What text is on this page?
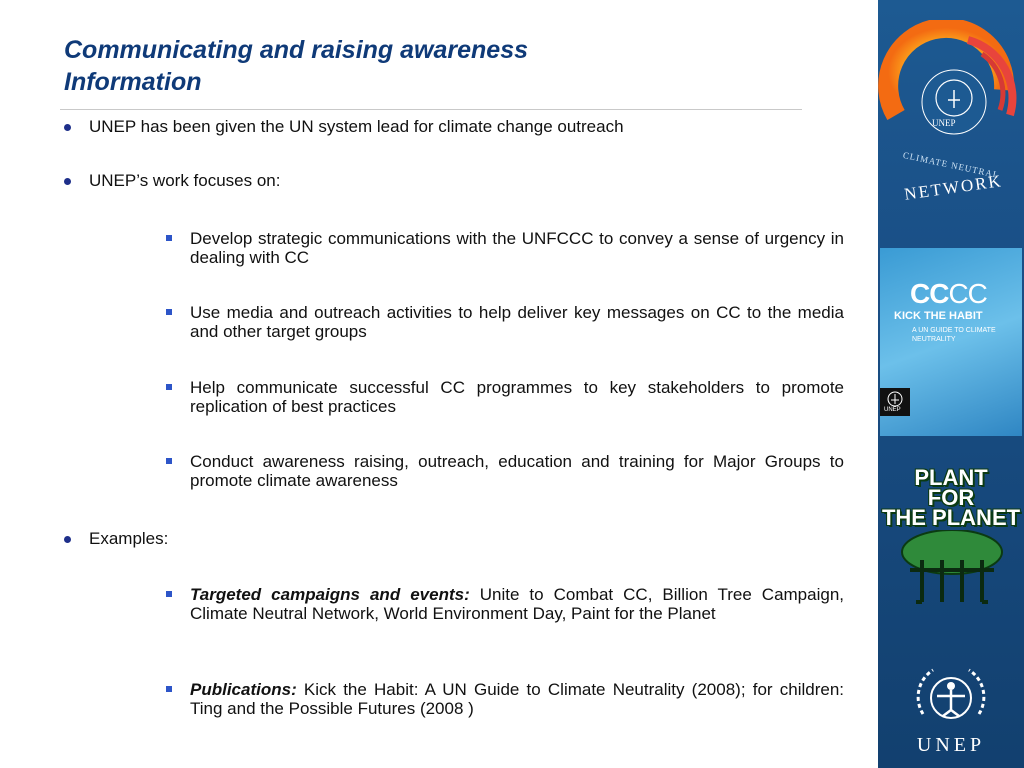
Communicating and raising awareness
Information
UNEP has been given the UN system lead for climate change outreach
UNEP’s work focuses on:
Develop strategic communications with the UNFCCC to convey a sense of urgency in dealing with CC
Use media and outreach activities to help deliver key messages on CC to the media and other target groups
Help communicate successful CC programmes to key stakeholders to promote replication of best practices
Conduct awareness raising, outreach, education and training for Major Groups to promote climate awareness
Examples:
Targeted campaigns and events: Unite to Combat CC, Billion Tree Campaign, Climate Neutral Network, World Environment Day, Paint for the Planet
Publications: Kick the Habit: A UN Guide to Climate Neutrality (2008); for children: Ting and the Possible Futures (2008 )
UNEP
CLIMATE NEUTRAL
NETWORK
CCCC
KICK THE HABIT
A UN GUIDE TO CLIMATE NEUTRALITY
UNEP
PLANT
FOR
THE PLANET
UNEP
